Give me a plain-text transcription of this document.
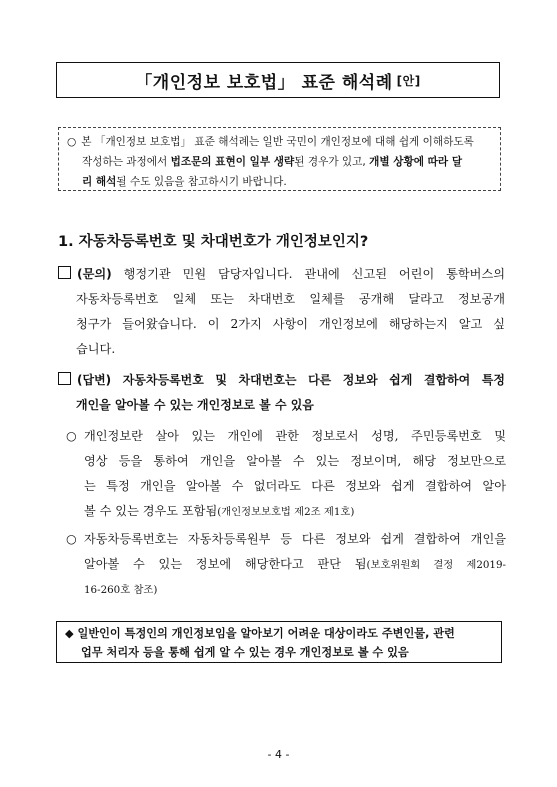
「개인정보 보호법」 표준 해석례 [안]

○ 본 「개인정보 보호법」 표준 해석례는 일반 국민이 개인정보에 대해 쉽게 이해하도록

작성하는 과정에서 법조문의 표현이 일부 생략된 경우가 있고, 개별 상황에 따라 달

리 해석될 수도 있음을 참고하시기 바랍니다.

1. 자동차등록번호 및 차대번호가 개인정보인지?

(문의) 행정기관 민원 담당자입니다. 관내에 신고된 어린이 통학버스의

자동차등록번호 일체 또는 차대번호 일체를 공개해 달라고 정보공개

청구가 들어왔습니다. 이 2가지 사항이 개인정보에 해당하는지 알고 싶

습니다.

(답변) 자동차등록번호 및 차대번호는 다른 정보와 쉽게 결합하여 특정

개인을 알아볼 수 있는 개인정보로 볼 수 있음

○ 개인정보란 살아 있는 개인에 관한 정보로서 성명, 주민등록번호 및

영상 등을 통하여 개인을 알아볼 수 있는 정보이며, 해당 정보만으로

는 특정 개인을 알아볼 수 없더라도 다른 정보와 쉽게 결합하여 알아

볼 수 있는 경우도 포함됨(개인정보보호법 제2조 제1호)

○ 자동차등록번호는 자동차등록원부 등 다른 정보와 쉽게 결합하여 개인을

알아볼 수 있는 정보에 해당한다고 판단 됨(보호위원회 결정 제2019-

16-260호 참조)

◆ 일반인이 특정인의 개인정보임을 알아보기 어려운 대상이라도 주변인물, 관련

업무 처리자 등을 통해 쉽게 알 수 있는 경우 개인정보로 볼 수 있음

- 4 -
